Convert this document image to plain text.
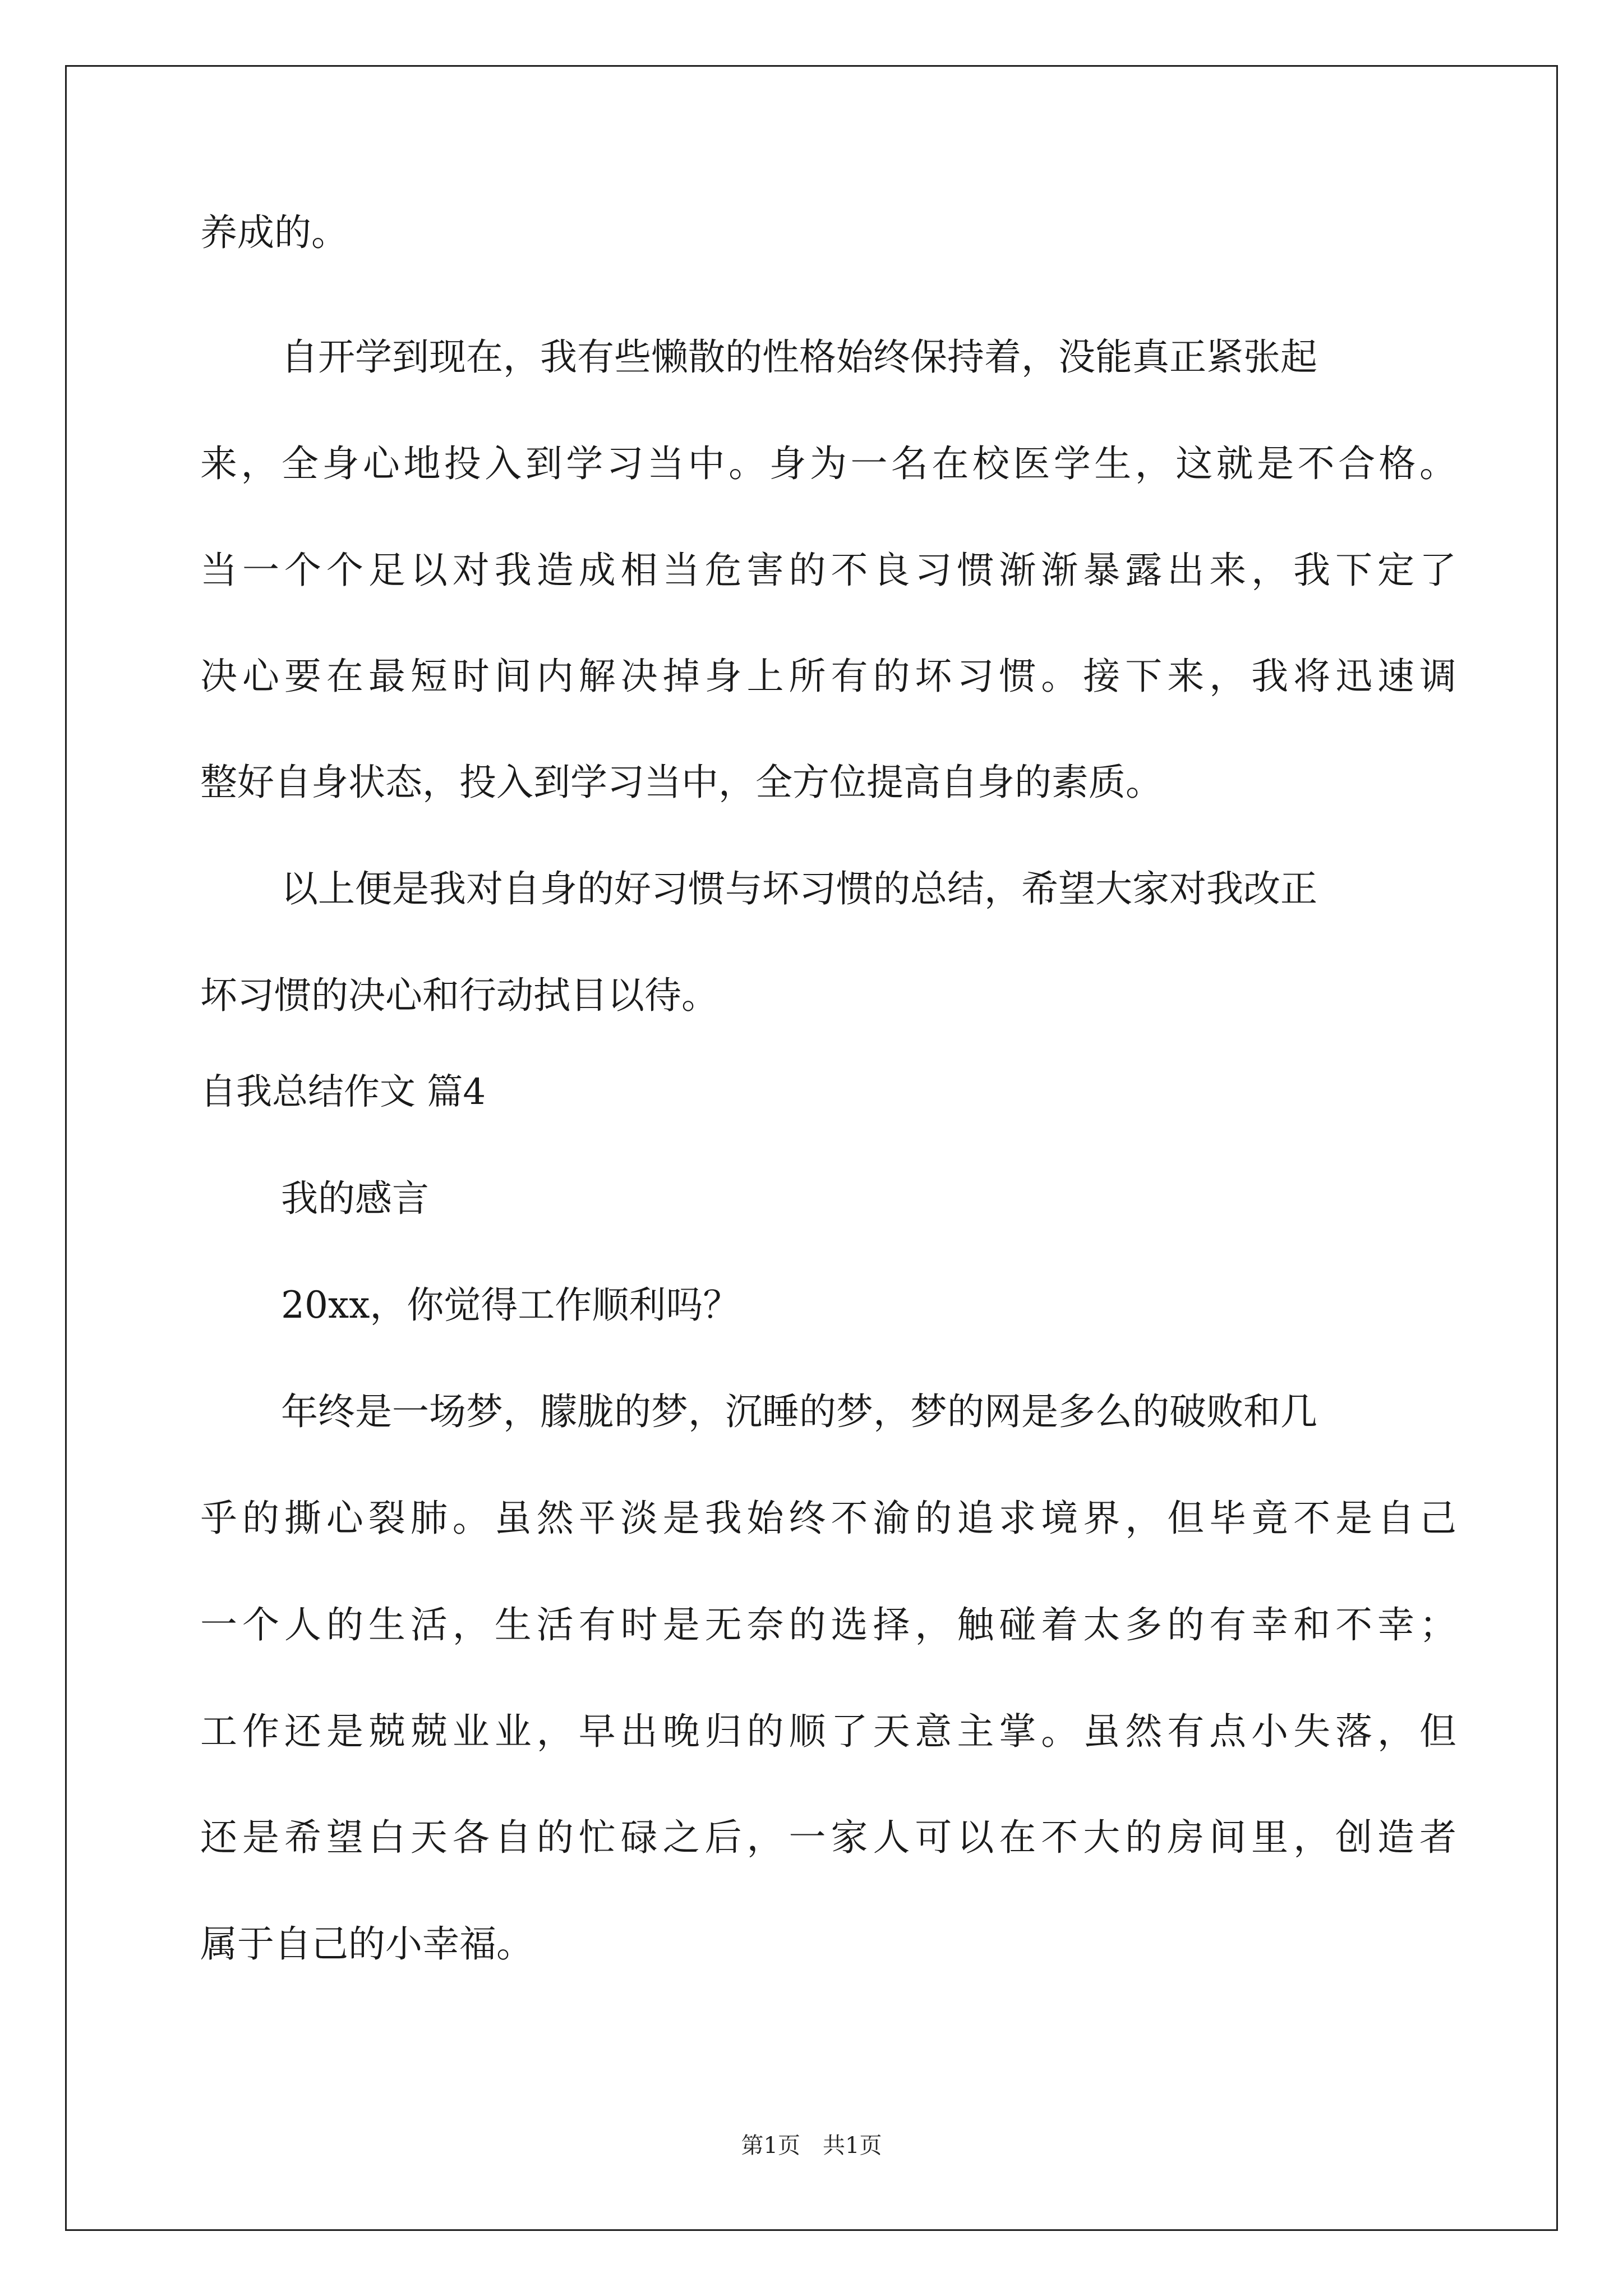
养成的。
自开学到现在，我有些懒散的性格始终保持着，没能真正紧张起
来，全身心地投入到学习当中。身为一名在校医学生，这就是不合格。
当一个个足以对我造成相当危害的不良习惯渐渐暴露出来，我下定了
决心要在最短时间内解决掉身上所有的坏习惯。接下来，我将迅速调
整好自身状态，投入到学习当中，全方位提高自身的素质。
以上便是我对自身的好习惯与坏习惯的总结，希望大家对我改正
坏习惯的决心和行动拭目以待。
自我总结作文 篇4
我的感言
20xx，你觉得工作顺利吗？
年终是一场梦，朦胧的梦，沉睡的梦，梦的网是多么的破败和几
乎的撕心裂肺。虽然平淡是我始终不渝的追求境界，但毕竟不是自己
一个人的生活，生活有时是无奈的选择，触碰着太多的有幸和不幸；
工作还是兢兢业业，早出晚归的顺了天意主掌。虽然有点小失落，但
还是希望白天各自的忙碌之后，一家人可以在不大的房间里，创造者
属于自己的小幸福。
第1页　共1页
